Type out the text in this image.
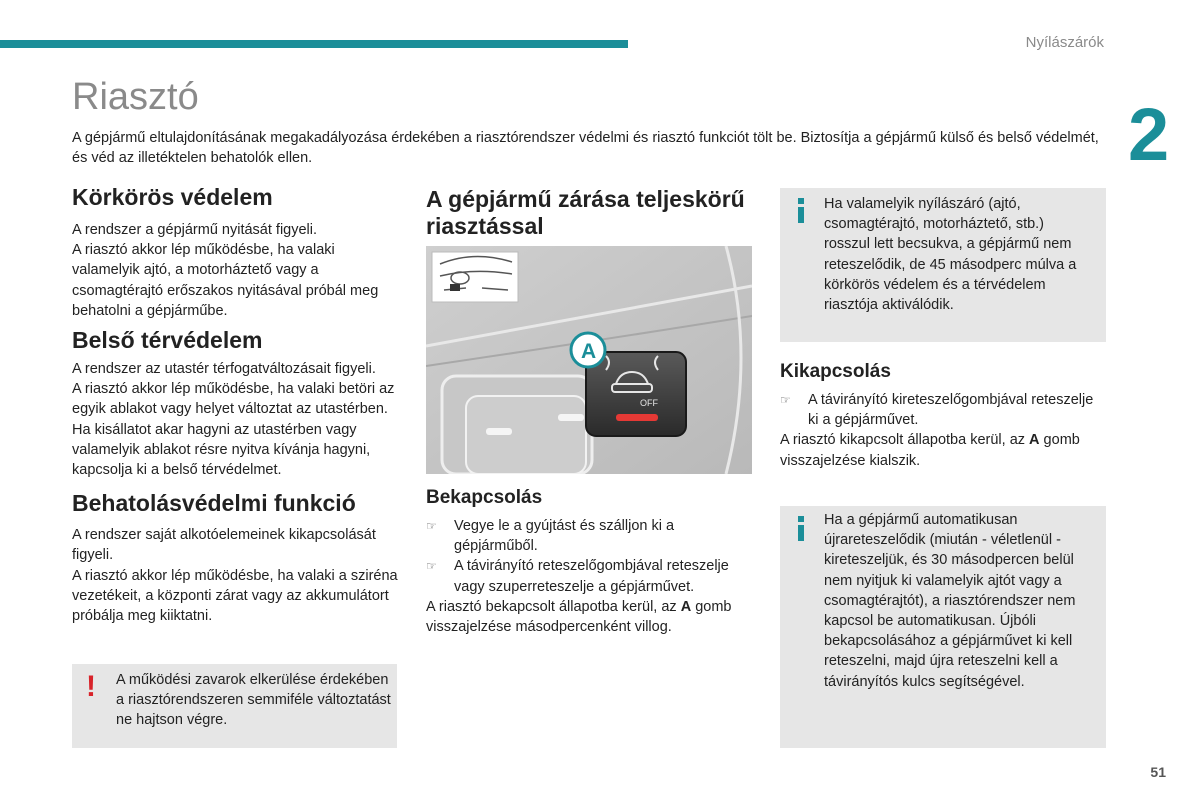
Nyílászárók
2
Riasztó

A gépjármű eltulajdonításának megakadályozása érdekében a riasztórendszer védelmi és riasztó funkciót tölt be. Biztosítja a gépjármű külső és belső védelmét, és véd az illetéktelen behatolók ellen.

Körkörös védelem

A rendszer a gépjármű nyitását figyeli.

A riasztó akkor lép működésbe, ha valaki valamelyik ajtó, a motorháztető vagy a csomagtérajtó erőszakos nyitásával próbál meg behatolni a gépjárműbe.

Belső térvédelem

A rendszer az utastér térfogatváltozásait figyeli.

A riasztó akkor lép működésbe, ha valaki betöri az egyik ablakot vagy helyet változtat az utastérben.

Ha kisállatot akar hagyni az utastérben vagy valamelyik ablakot résre nyitva kívánja hagyni, kapcsolja ki a belső térvédelmet.

Behatolásvédelmi funkció

A rendszer saját alkotóelemeinek kikapcsolását figyeli.

A riasztó akkor lép működésbe, ha valaki a sziréna vezetékeit, a központi zárat vagy az akkumulátort próbálja meg kiiktatni.

! A működési zavarok elkerülése érdekében a riasztórendszeren semmiféle változtatást ne hajtson végre.

A gépjármű zárása teljeskörű riasztással
OFF
A
Bekapcsolás
☞	Vegye le a gyújtást és szálljon ki a gépjárműből.
☞	A távirányító reteszelőgombjával reteszelje vagy szuperreteszelje a gépjárművet.

A riasztó bekapcsolt állapotba kerül, az A gomb visszajelzése másodpercenként villog.

Ha valamelyik nyílászáró (ajtó, csomagtérajtó, motorháztető, stb.) rosszul lett becsukva, a gépjármű nem reteszelődik, de 45 másodperc múlva a körkörös védelem és a térvédelem riasztója aktiválódik.

Kikapcsolás
☞	A távirányító kireteszelőgombjával reteszelje ki a gépjárművet.

A riasztó kikapcsolt állapotba kerül, az A gomb visszajelzése kialszik.

Ha a gépjármű automatikusan újrareteszelődik (miután - véletlenül - kireteszeljük, és 30 másodpercen belül nem nyitjuk ki valamelyik ajtót vagy a csomagtérajtót), a riasztórendszer nem kapcsol be automatikusan. Újbóli bekapcsolásához a gépjárművet ki kell reteszelni, majd újra reteszelni kell a távirányítós kulcs segítségével.

51
